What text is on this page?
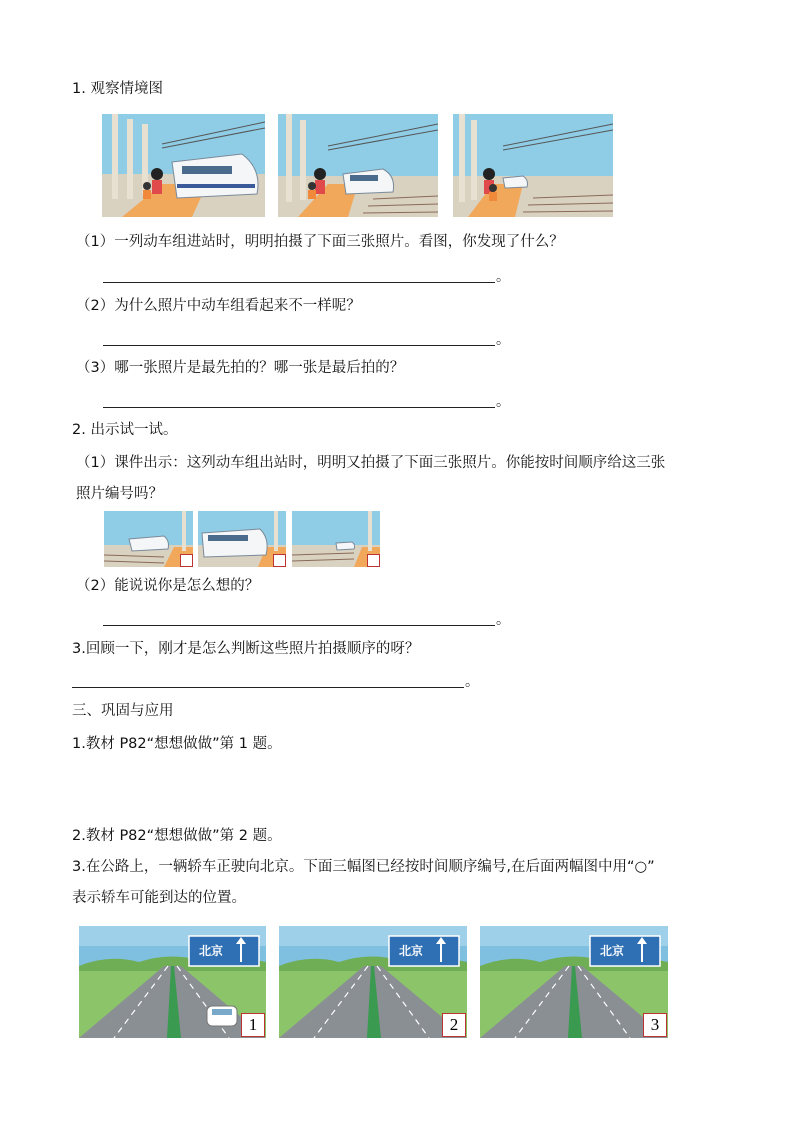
1. 观察情境图
（1）一列动车组进站时，明明拍摄了下面三张照片。看图，你发现了什么？
。
（2）为什么照片中动车组看起来不一样呢？
。
（3）哪一张照片是最先拍的？哪一张是最后拍的？
。
2. 出示试一试。
（1）课件出示：这列动车组出站时，明明又拍摄了下面三张照片。你能按时间顺序给这三张
照片编号吗？
（2）能说说你是怎么想的？
。
3.回顾一下，刚才是怎么判断这些照片拍摄顺序的呀？
。
三、巩固与应用
1.教材 P82“想想做做”第 1 题。
2.教材 P82“想想做做”第 2 题。
3.在公路上，一辆轿车正驶向北京。下面三幅图已经按时间顺序编号,在后面两幅图中用“○”
表示轿车可能到达的位置。
北京
1
北京
2
北京
3
